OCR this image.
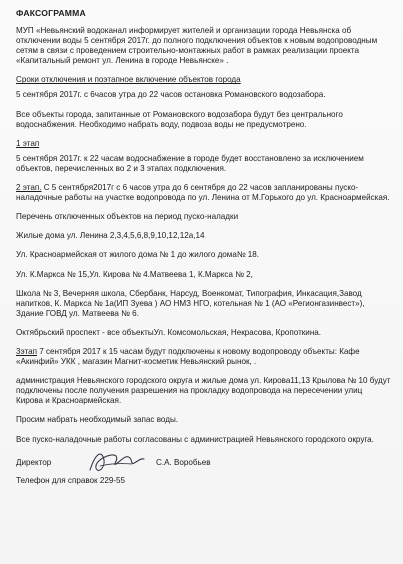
ФАКСОГРАММА

МУП «Невьянский водоканал информирует жителей и организации города Невьянска об отключении воды 5 сентября 2017г. до полного подключения объектов к новым водопроводным сетям в связи с проведением строительно-монтажных работ в рамках реализации проекта «Капитальный ремонт ул. Ленина в городе Невьянске» .

Сроки отключения и поэтапное включение объектов города

5 сентября 2017г. с 6часов утра до 22 часов остановка Романовского водозабора.

Все объекты города, запитанные от Романовского водозабора будут без центрального водоснабжения. Необходимо набрать воду, подвоза воды не предусмотрено.

1 этап

5 сентября 2017г. к 22 часам водоснабжение в городе будет восстановлено за исключением объектов, перечисленных во 2 и 3 этапах подключения.

2 этап. С 5 сентября2017г с 6 часов утра до 6 сентября до 22 часов запланированы пуско-наладочные работы на участке водопровода по ул. Ленина от М.Горького до ул. Красноармейская.

Перечень отключенных объектов на период пуско-наладки

Жилые дома ул. Ленина 2,3,4,5,6,8,9,10,12,12а,14

Ул. Красноармейская от жилого дома № 1 до жилого дома№ 18.

Ул. К.Маркса № 15,Ул. Кирова № 4.Матвеева 1, К.Маркса № 2,

Школа № 3, Вечерняя школа, Сбербанк, Нарсуд, Военкомат, Типография, Инкасация,Завод напитков, К. Маркса № 1а(ИП Зуева ) АО НМЗ НГО, котельная № 1 (АО «Регионгазинвест»), Здание ГОВД ул. Матвеева № 6.

Октябрьский проспект - все объектыУл. Комсомольская, Некрасова, Кропоткина.

3этап 7 сентября 2017 к 15 часам будут подключены к новому водопроводу объекты: Кафе «Акинфий» УКК , магазин Магнит-косметик Невьянский рынок, .

администрация Невьянского городского округа и жилые дома ул. Кирова11,13 Крылова № 10 будут подключены после получения разрешения на прокладку водопровода на пересечении улиц Кирова и Красноармейская.

Просим набрать необходимый запас воды.

Все пуско-наладочные работы согласованы с администрацией Невьянского городского округа.

Директор	С.А. Воробьев

Телефон для справок 229-55
